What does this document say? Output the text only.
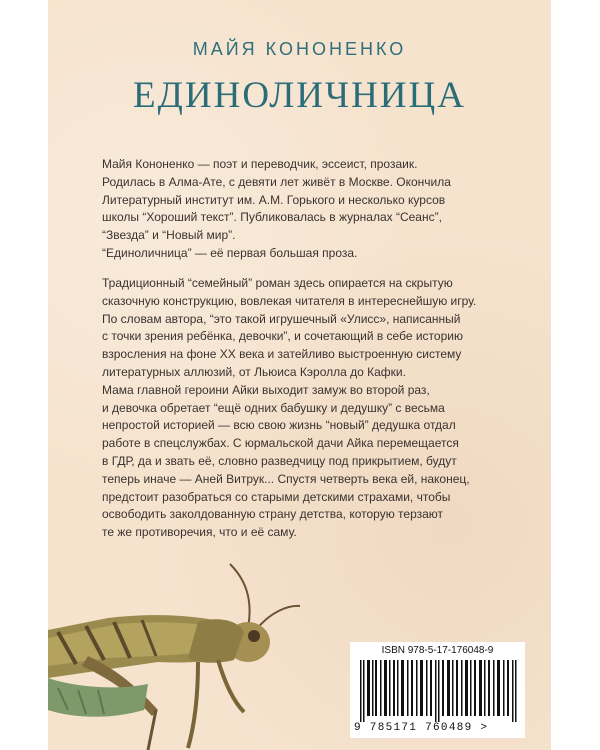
МАЙЯ КОНОНЕНКО
ЕДИНОЛИЧНИЦА

Майя Кононенко — поэт и переводчик, эссеист, прозаик.

Родилась в Алма-Ате, с девяти лет живёт в Москве. Окончила

Литературный институт им. А.М. Горького и несколько курсов

школы “Хороший текст”. Публиковалась в журналах “Сеанс”,

“Звезда” и “Новый мир”.

“Единоличница” — её первая большая проза.

Традиционный “семейный” роман здесь опирается на скрытую

сказочную конструкцию, вовлекая читателя в интереснейшую игру.

По словам автора, “это такой игрушечный «Улисс», написанный

с точки зрения ребёнка, девочки”, и сочетающий в себе историю

взросления на фоне XX века и затейливо выстроенную систему

литературных аллюзий, от Льюиса Кэролла до Кафки.

Мама главной героини Айки выходит замуж во второй раз,

и девочка обретает “ещё одних бабушку и дедушку” с весьма

непростой историей — всю свою жизнь “новый” дедушка отдал

работе в спецслужбах. С юрмальской дачи Айка перемещается

в ГДР, да и звать её, словно разведчицу под прикрытием, будут

теперь иначе — Аней Витрук... Спустя четверть века ей, наконец,

предстоит разобраться со старыми детскими страхами, чтобы

освободить заколдованную страну детства, которую терзают

те же противоречия, что и её саму.

ISBN 978-5-17-176048-9
9 785171 760489 >
